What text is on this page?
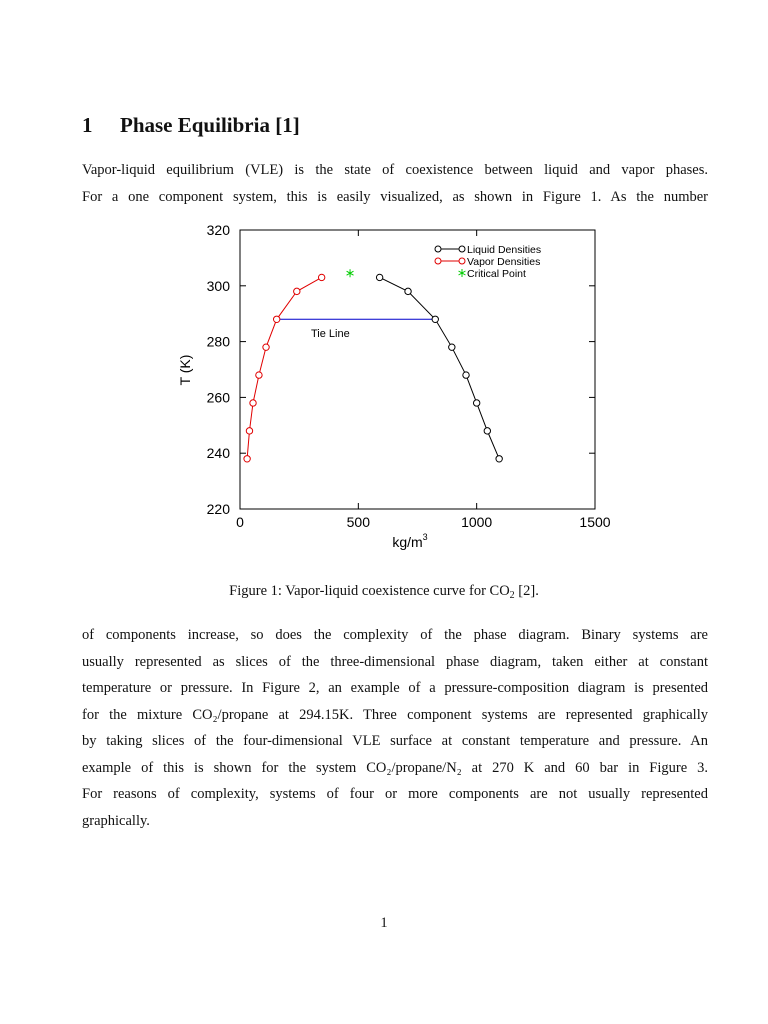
1 Phase Equilibria [1]

Vapor-liquid equilibrium (VLE) is the state of coexistence between liquid and vapor phases.
For a one component system, this is easily visualized, as shown in Figure 1. As the number

0	500	1000	1500
220
240
260
280
300
320
$kg/m^3$
T (K)
Tie Line
Liquid Densities
Vapor Densities
Critical Point

Figure 1: Vapor-liquid coexistence curve for $CO_2$ [2].

of components increase, so does the complexity of the phase diagram. Binary systems are
usually represented as slices of the three-dimensional phase diagram, taken either at constant
temperature or pressure. In Figure 2, an example of a pressure-composition diagram is presented
for the mixture CO₂/propane at 294.15K. Three component systems are represented graphically
by taking slices of the four-dimensional VLE surface at constant temperature and pressure. An
example of this is shown for the system CO₂/propane/N₂ at 270 K and 60 bar in Figure 3.
For reasons of complexity, systems of four or more components are not usually represented
graphically.

1
